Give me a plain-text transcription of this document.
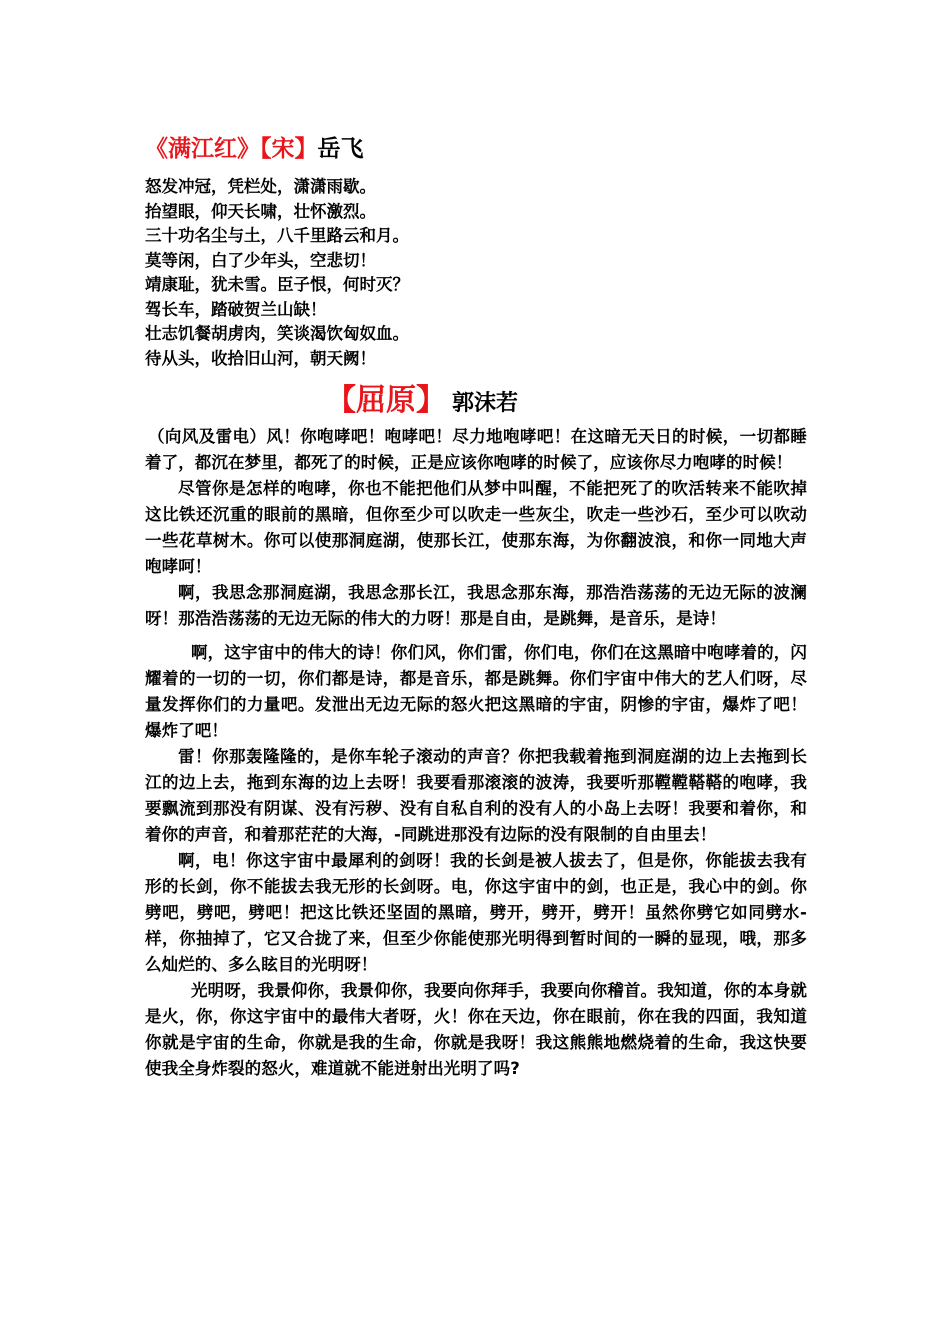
《满江红》【宋】岳飞
怒发冲冠，凭栏处，潇潇雨歇。
抬望眼，仰天长啸，壮怀激烈。
三十功名尘与土，八千里路云和月。
莫等闲，白了少年头，空悲切！
靖康耻，犹未雪。臣子恨，何时灭？
驾长车，踏破贺兰山缺！
壮志饥餐胡虏肉，笑谈渴饮匈奴血。
待从头，收拾旧山河，朝天阙！
【屈原】 郭沫若

（向风及雷电）风！你咆哮吧！咆哮吧！尽力地咆哮吧！在这暗无天日的时候，一切都睡着了，都沉在梦里，都死了的时候，正是应该你咆哮的时候了，应该你尽力咆哮的时候！

尽管你是怎样的咆哮，你也不能把他们从梦中叫醒，不能把死了的吹活转来不能吹掉这比铁还沉重的眼前的黑暗，但你至少可以吹走一些灰尘，吹走一些沙石，至少可以吹动一些花草树木。你可以使那洞庭湖，使那长江，使那东海，为你翻波浪，和你一同地大声咆哮呵！

啊，我思念那洞庭湖，我思念那长江，我思念那东海，那浩浩荡荡的无边无际的波澜呀！那浩浩荡荡的无边无际的伟大的力呀！那是自由，是跳舞，是音乐，是诗！

啊，这宇宙中的伟大的诗！你们风，你们雷，你们电，你们在这黑暗中咆哮着的，闪耀着的一切的一切，你们都是诗，都是音乐，都是跳舞。你们宇宙中伟大的艺人们呀，尽量发挥你们的力量吧。发泄出无边无际的怒火把这黑暗的宇宙，阴惨的宇宙，爆炸了吧！爆炸了吧！

雷！你那轰隆隆的，是你车轮子滚动的声音？你把我载着拖到洞庭湖的边上去拖到长江的边上去，拖到东海的边上去呀！我要看那滚滚的波涛，我要听那鞺鞺鞳鞳的咆哮，我要飘流到那没有阴谋、没有污秽、没有自私自利的没有人的小岛上去呀！我要和着你，和着你的声音，和着那茫茫的大海，-同跳进那没有边际的没有限制的自由里去！

啊，电！你这宇宙中最犀利的剑呀！我的长剑是被人拔去了，但是你，你能拔去我有形的长剑，你不能拔去我无形的长剑呀。电，你这宇宙中的剑，也正是，我心中的剑。你劈吧，劈吧，劈吧！把这比铁还坚固的黑暗，劈开，劈开，劈开！虽然你劈它如同劈水-样，你抽掉了，它又合拢了来，但至少你能使那光明得到暂时间的一瞬的显现，哦，那多么灿烂的、多么眩目的光明呀！

光明呀，我景仰你，我景仰你，我要向你拜手，我要向你稽首。我知道，你的本身就是火，你，你这宇宙中的最伟大者呀，火！你在天边，你在眼前，你在我的四面，我知道你就是宇宙的生命，你就是我的生命，你就是我呀！我这熊熊地燃烧着的生命，我这快要使我全身炸裂的怒火，难道就不能迸射出光明了吗?
